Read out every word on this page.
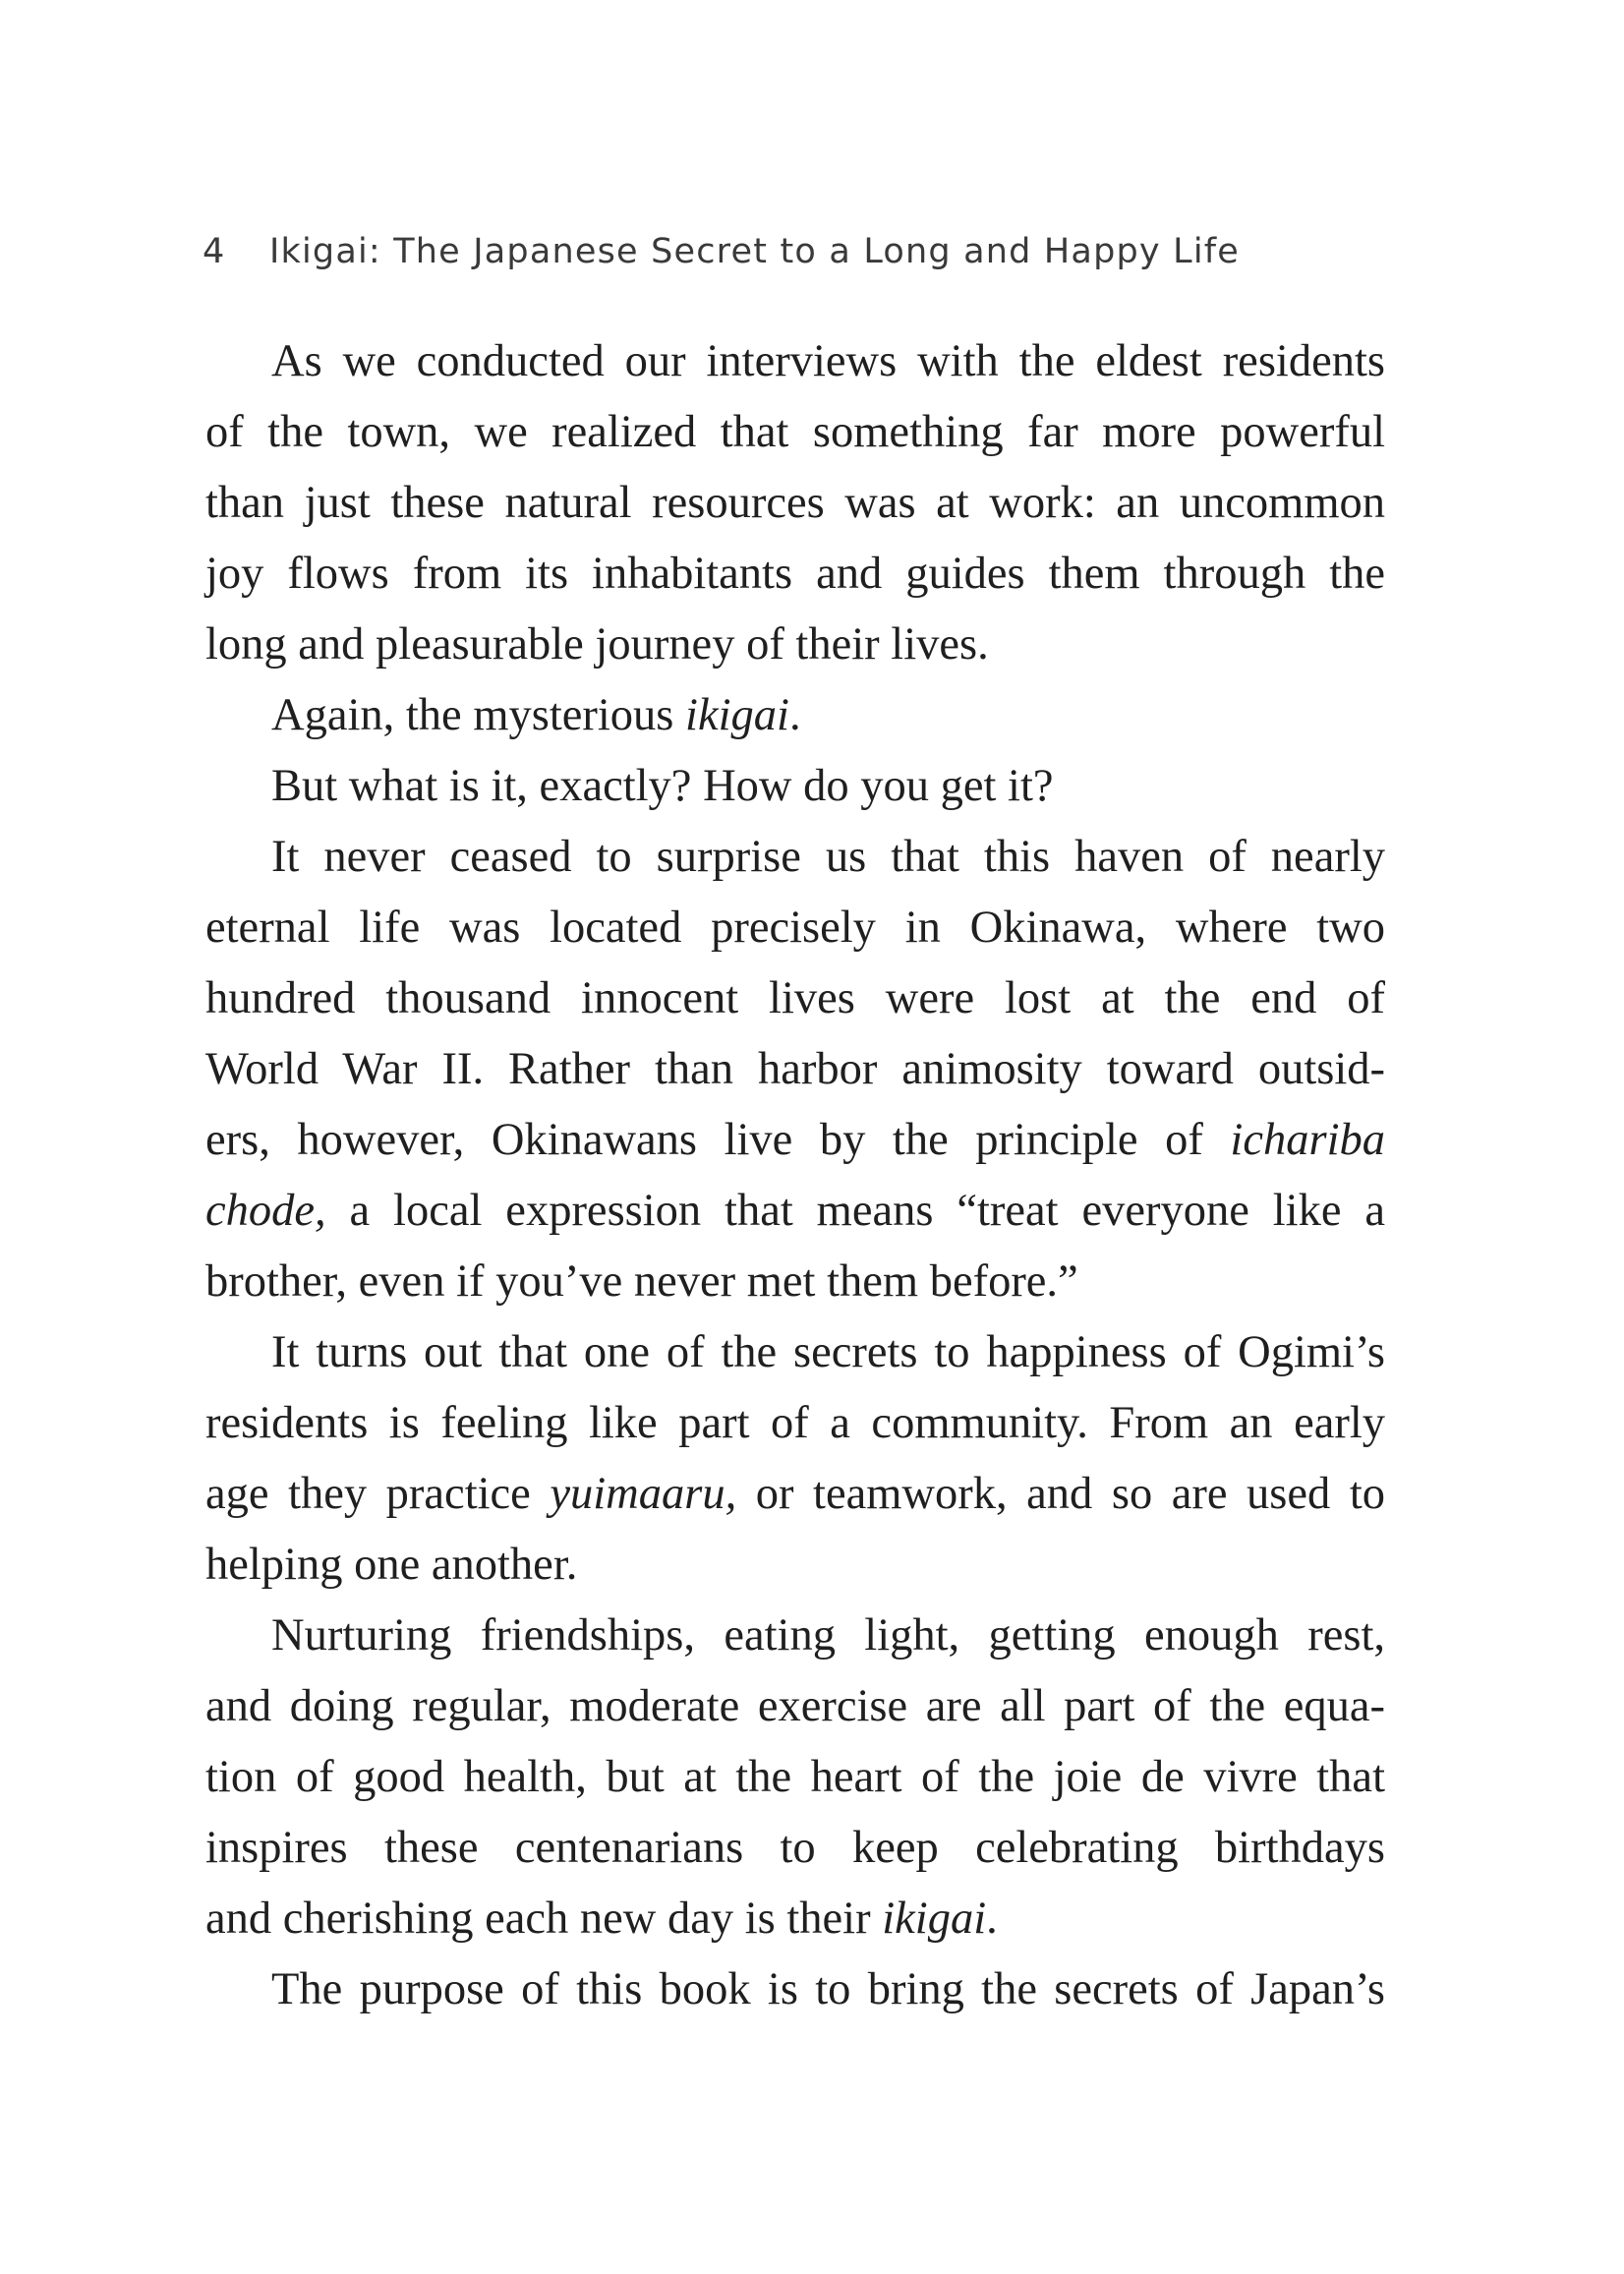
4 Ikigai: The Japanese Secret to a Long and Happy Life
As we conducted our interviews with the eldest residents
of the town, we realized that something far more powerful
than just these natural resources was at work: an uncommon
joy flows from its inhabitants and guides them through the
long and pleasurable journey of their lives.
Again, the mysterious ikigai.
But what is it, exactly? How do you get it?
It never ceased to surprise us that this haven of nearly
eternal life was located precisely in Okinawa, where two
hundred thousand innocent lives were lost at the end of
World War II. Rather than harbor animosity toward outsid-
ers, however, Okinawans live by the principle of ichariba
chode, a local expression that means “treat everyone like a
brother, even if you’ve never met them before.”
It turns out that one of the secrets to happiness of Ogimi’s
residents is feeling like part of a community. From an early
age they practice yuimaaru, or teamwork, and so are used to
helping one another.
Nurturing friendships, eating light, getting enough rest,
and doing regular, moderate exercise are all part of the equa-
tion of good health, but at the heart of the joie de vivre that
inspires these centenarians to keep celebrating birthdays
and cherishing each new day is their ikigai.
The purpose of this book is to bring the secrets of Japan’s
